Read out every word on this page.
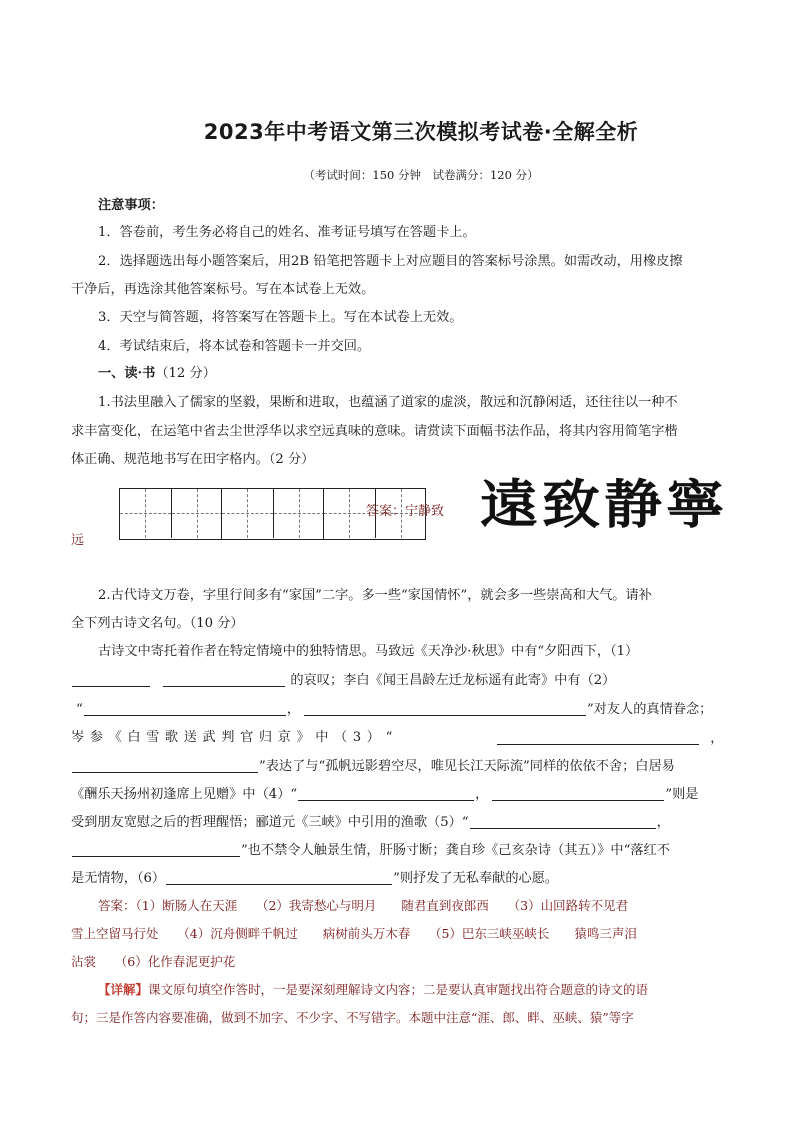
2023年中考语文第三次模拟考试卷·全解全析
（考试时间：150 分钟　试卷满分：120 分）
注意事项：
1．答卷前，考生务必将自己的姓名、准考证号填写在答题卡上。
2．选择题选出每小题答案后，用2B 铅笔把答题卡上对应题目的答案标号涂黑。如需改动，用橡皮擦
干净后，再选涂其他答案标号。写在本试卷上无效。
3．天空与简答题，将答案写在答题卡上。写在本试卷上无效。
4．考试结束后，将本试卷和答题卡一并交回。
一、读·书（12 分）
1.书法里融入了儒家的坚毅，果断和进取，也蕴涵了道家的虚淡，散远和沉静闲适，还往往以一种不
求丰富变化，在运笔中省去尘世浮华以求空远真味的意味。请赏读下面幅书法作品，将其内容用简笔字楷
体正确、规范地书写在田字格内。（2 分）
答案：宁静致 遠致静寧
远
2.古代诗文万卷，字里行间多有“家国”二字。多一些“家国情怀”，就会多一些崇高和大气。请补
全下列古诗文名句。（10 分）
古诗文中寄托着作者在特定情境中的独特情思。马致远《天净沙·秋思》中有“夕阳西下，（1）
的哀叹；李白《闻王昌龄左迁龙标遥有此寄》中有（2）
“	，	”对友人的真情眷念；
岑参《白雪歌送武判官归京》中（3）“	，
”表达了与“孤帆远影碧空尽，唯见长江天际流”同样的依依不舍；白居易
《酬乐天扬州初逢席上见赠》中（4）“	，	”则是
受到朋友宽慰之后的哲理醒悟；郦道元《三峡》中引用的渔歌（5）“	，
”也不禁令人触景生情，肝肠寸断；龚自珍《己亥杂诗（其五）》中“落红不
是无情物，（6）	”则抒发了无私奉献的心愿。
答案：（1）断肠人在天涯　　（2）我寄愁心与明月　　随君直到夜郎西　　（3）山回路转不见君
雪上空留马行处　　（4）沉舟侧畔千帆过　　病树前头万木春　　（5）巴东三峡巫峡长　　猿鸣三声泪
沾裳　　（6）化作春泥更护花
【详解】课文原句填空作答时，一是要深刻理解诗文内容；二是要认真审题找出符合题意的诗文的语
句；三是作答内容要准确，做到不加字、不少字、不写错字。本题中注意“涯、郎、畔、巫峡、猿”等字
